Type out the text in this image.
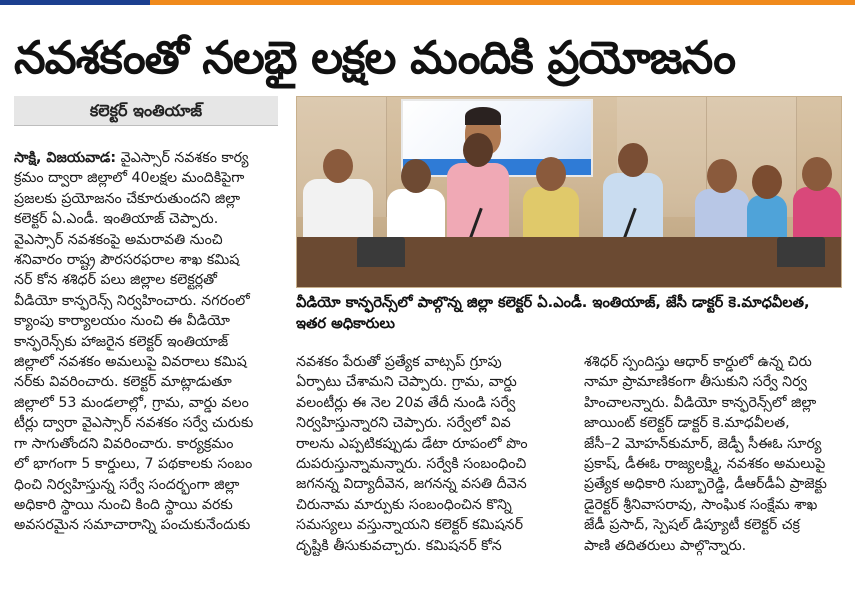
నవశకంతో నలభై లక్షల మందికి ప్రయోజనం
కలెక్టర్ ఇంతియాజ్

సాక్షి, విజయవాడ: వైఎస్సార్ నవశకం కార్య

క్రమం ద్వారా జిల్లాలో 40లక్షల మందికిపైగా

ప్రజలకు ప్రయోజనం చేకూరుతుందని జిల్లా

కలెక్టర్ ఏ.ఎండీ. ఇంతియాజ్ చెప్పారు.

వైఎస్సార్ నవశకంపై అమరావతి నుంచి

శనివారం రాష్ట్ర పౌరసరఫరాల శాఖ కమిష

నర్ కోన శశిధర్ పలు జిల్లాల కలెక్టర్లతో

వీడియో కాన్ఫరెన్స్ నిర్వహించారు. నగరంలో

క్యాంపు కార్యాలయం నుంచి ఈ వీడియో

కాన్ఫరెన్స్‌కు హాజరైన కలెక్టర్ ఇంతియాజ్

జిల్లాలో నవశకం అమలుపై వివరాలు కమిష

నర్‌కు వివరించారు. కలెక్టర్ మాట్లాడుతూ

జిల్లాలో 53 మండలాల్లో, గ్రామ, వార్డు వలం

టీర్లు ద్వారా వైఎస్సార్ నవశకం సర్వే చురుకు

గా సాగుతోందని వివరించారు. కార్యక్రమం

లో భాగంగా 5 కార్డులు, 7 పథకాలకు సంబం

ధించి నిర్వహిస్తున్న సర్వే సందర్భంగా జిల్లా

అధికారి స్థాయి నుంచి కింది స్థాయి వరకు

అవసరమైన సమాచారాన్ని పంచుకునేందుకు

వీడియో కాన్ఫరెన్స్‌లో పాల్గొన్న జిల్లా కలెక్టర్ ఏ.ఎండీ. ఇంతియాజ్, జేసీ డాక్టర్ కె.మాధవీలత,
ఇతర అధికారులు

నవశకం పేరుతో ప్రత్యేక వాట్సప్ గ్రూపు

ఏర్పాటు చేశామని చెప్పారు. గ్రామ, వార్డు

వలంటీర్లు ఈ నెల 20వ తేదీ నుండి సర్వే

నిర్వహిస్తున్నారని చెప్పారు. సర్వేలో వివ

రాలను ఎప్పటికప్పుడు డేటా రూపంలో పొం

దుపరుస్తున్నామన్నారు. సర్వేకి సంబంధించి

జగనన్న విద్యాదీవెన, జగనన్న వసతి దీవెన

చిరునామ మార్పుకు సంబంధించిన కొన్ని

సమస్యలు వస్తున్నాయని కలెక్టర్ కమిషనర్

దృష్టికి తీసుకువచ్చారు. కమిషనర్ కోన

శశిధర్ స్పందిస్తు ఆధార్ కార్డులో ఉన్న చిరు

నామా ప్రామాణికంగా తీసుకుని సర్వే నిర్వ

హించాలన్నారు. వీడియో కాన్ఫరెన్స్‌లో జిల్లా

జాయింట్ కలెక్టర్ డాక్టర్ కె.మాధవీలత,

జేసీ–2 మోహన్‌కుమార్, జెడ్పీ సీఈఓ సూర్య

ప్రకాష్, డీఈఓ రాజ్యలక్ష్మి, నవశకం అమలుపై

ప్రత్యేక అధికారి సుబ్బారెడ్డి, డీఆర్‌డీఏ ప్రాజెక్టు

డైరెక్టర్ శ్రీనివాసరావు, సాంఘిక సంక్షేమ శాఖ

జేడీ ప్రసాద్, స్పెషల్ డిప్యూటీ కలెక్టర్ చక్ర

పాణి తదితరులు పాల్గొన్నారు.
